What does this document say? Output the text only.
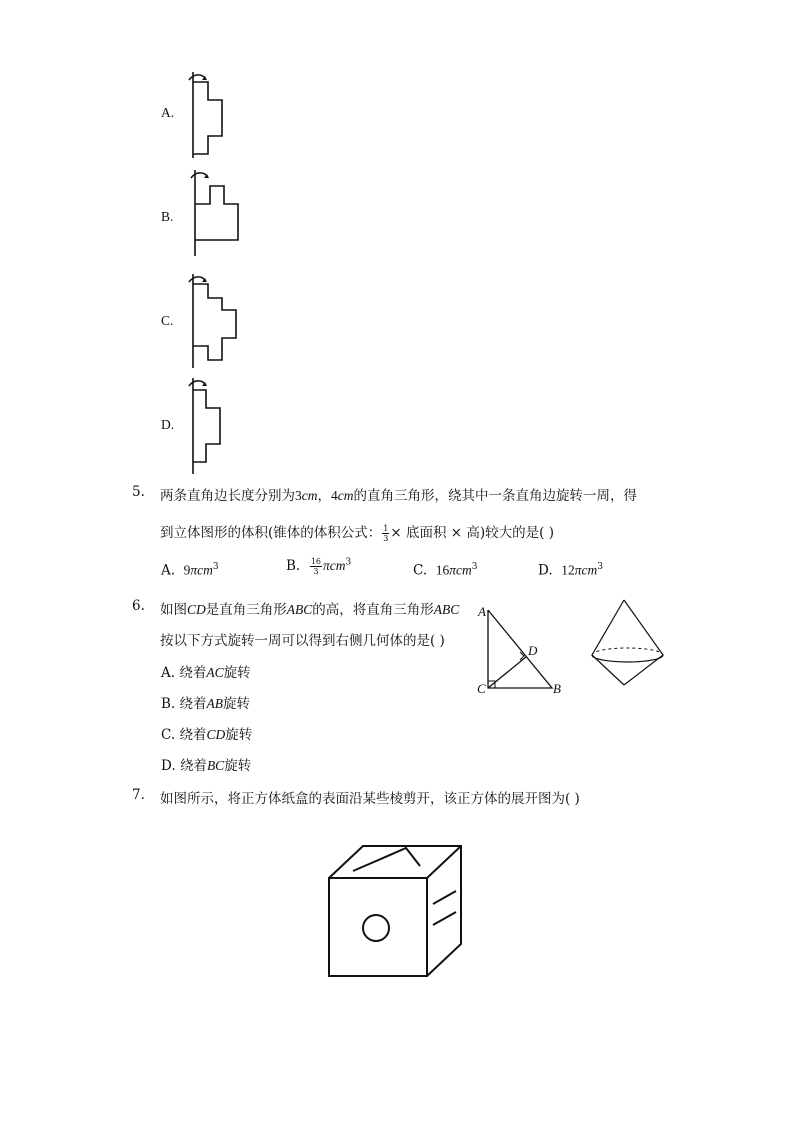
A.
B.
C.
D.
5. 两条直角边长度分别为3cm，4cm的直角三角形，绕其中一条直角边旋转一周，得
到立体图形的体积(锥体的体积公式： $\frac{1}{3}$ × 底面积 × 高)较大的是( )
A. 9πcm$^3$	B. $\frac{16}{3} \pi cm^3$	C. 16πcm$^3$	D. 12πcm$^3$
6. 如图CD是直角三角形ABC的高，将直角三角形ABC
按以下方式旋转一周可以得到右侧几何体的是( )
A. 绕着AC旋转
B. 绕着AB旋转
C. 绕着CD旋转
D. 绕着BC旋转
A
D
C	B
7. 如图所示，将正方体纸盒的表面沿某些棱剪开，该正方体的展开图为( )
